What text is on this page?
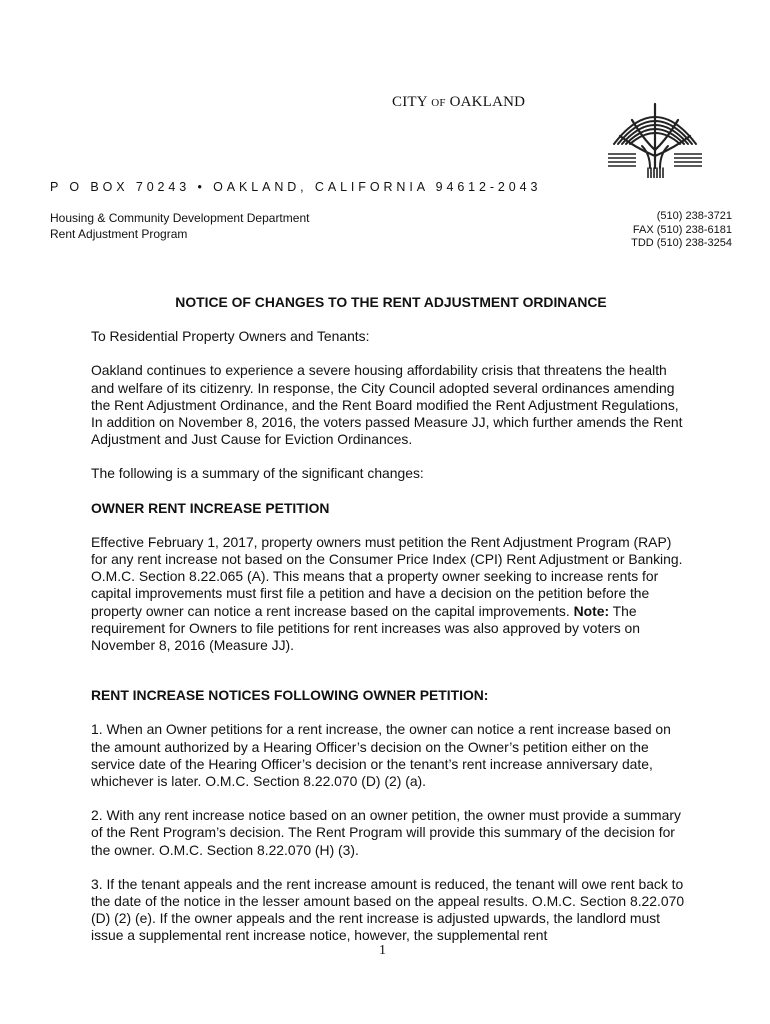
CITY OF OAKLAND
P O BOX 70243 • OAKLAND, CALIFORNIA 94612-2043
Housing & Community Development Department
Rent Adjustment Program
(510) 238-3721
FAX (510) 238-6181
TDD (510) 238-3254

NOTICE OF CHANGES TO THE RENT ADJUSTMENT ORDINANCE

To Residential Property Owners and Tenants:

Oakland continues to experience a severe housing affordability crisis that threatens the health and welfare of its citizenry. In response, the City Council adopted several ordinances amending the Rent Adjustment Ordinance, and the Rent Board modified the Rent Adjustment Regulations, In addition on November 8, 2016, the voters passed Measure JJ, which further amends the Rent Adjustment and Just Cause for Eviction Ordinances.

The following is a summary of the significant changes:

OWNER RENT INCREASE PETITION

Effective February 1, 2017, property owners must petition the Rent Adjustment Program (RAP) for any rent increase not based on the Consumer Price Index (CPI) Rent Adjustment or Banking. O.M.C. Section 8.22.065 (A). This means that a property owner seeking to increase rents for capital improvements must first file a petition and have a decision on the petition before the property owner can notice a rent increase based on the capital improvements. Note: The requirement for Owners to file petitions for rent increases was also approved by voters on November 8, 2016 (Measure JJ).

RENT INCREASE NOTICES FOLLOWING OWNER PETITION:

1. When an Owner petitions for a rent increase, the owner can notice a rent increase based on the amount authorized by a Hearing Officer’s decision on the Owner’s petition either on the service date of the Hearing Officer’s decision or the tenant’s rent increase anniversary date, whichever is later. O.M.C. Section 8.22.070 (D) (2) (a).

2. With any rent increase notice based on an owner petition, the owner must provide a summary of the Rent Program’s decision. The Rent Program will provide this summary of the decision for the owner. O.M.C. Section 8.22.070 (H) (3).

3. If the tenant appeals and the rent increase amount is reduced, the tenant will owe rent back to the date of the notice in the lesser amount based on the appeal results. O.M.C. Section 8.22.070 (D) (2) (e). If the owner appeals and the rent increase is adjusted upwards, the landlord must issue a supplemental rent increase notice, however, the supplemental rent

1
